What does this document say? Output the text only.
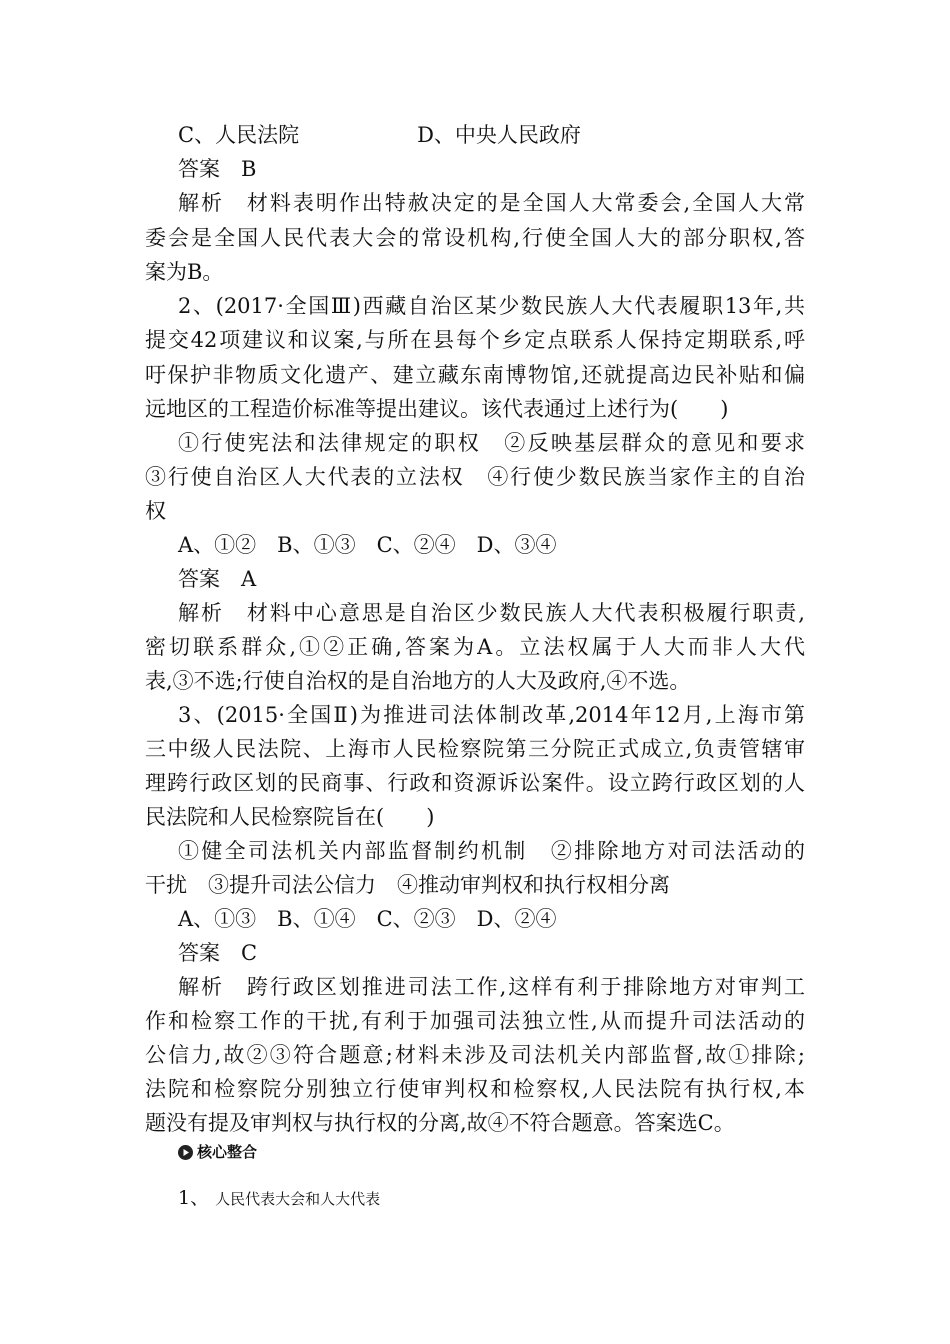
C、人民法院	D、中央人民政府
答案　B
解析　材料表明作出特赦决定的是全国人大常委会,全国人大常
委会是全国人民代表大会的常设机构,行使全国人大的部分职权,答
案为B。
2、(2017·全国Ⅲ)西藏自治区某少数民族人大代表履职13年,共
提交42项建议和议案,与所在县每个乡定点联系人保持定期联系,呼
吁保护非物质文化遗产、建立藏东南博物馆,还就提高边民补贴和偏
远地区的工程造价标准等提出建议。该代表通过上述行为(　　)
①行使宪法和法律规定的职权　②反映基层群众的意见和要求
③行使自治区人大代表的立法权　④行使少数民族当家作主的自治
权
A、①②　B、①③　C、②④　D、③④
答案　A
解析　材料中心意思是自治区少数民族人大代表积极履行职责,
密切联系群众,①②正确,答案为A。立法权属于人大而非人大代
表,③不选;行使自治权的是自治地方的人大及政府,④不选。
3、(2015·全国Ⅱ)为推进司法体制改革,2014年12月,上海市第
三中级人民法院、上海市人民检察院第三分院正式成立,负责管辖审
理跨行政区划的民商事、行政和资源诉讼案件。设立跨行政区划的人
民法院和人民检察院旨在(　　)
①健全司法机关内部监督制约机制　②排除地方对司法活动的
干扰　③提升司法公信力　④推动审判权和执行权相分离
A、①③　B、①④　C、②③　D、②④
答案　C
解析　跨行政区划推进司法工作,这样有利于排除地方对审判工
作和检察工作的干扰,有利于加强司法独立性,从而提升司法活动的
公信力,故②③符合题意;材料未涉及司法机关内部监督,故①排除;
法院和检察院分别独立行使审判权和检察权,人民法院有执行权,本
题没有提及审判权与执行权的分离,故④不符合题意。答案选C。
核心整合
1、 人民代表大会和人大代表
